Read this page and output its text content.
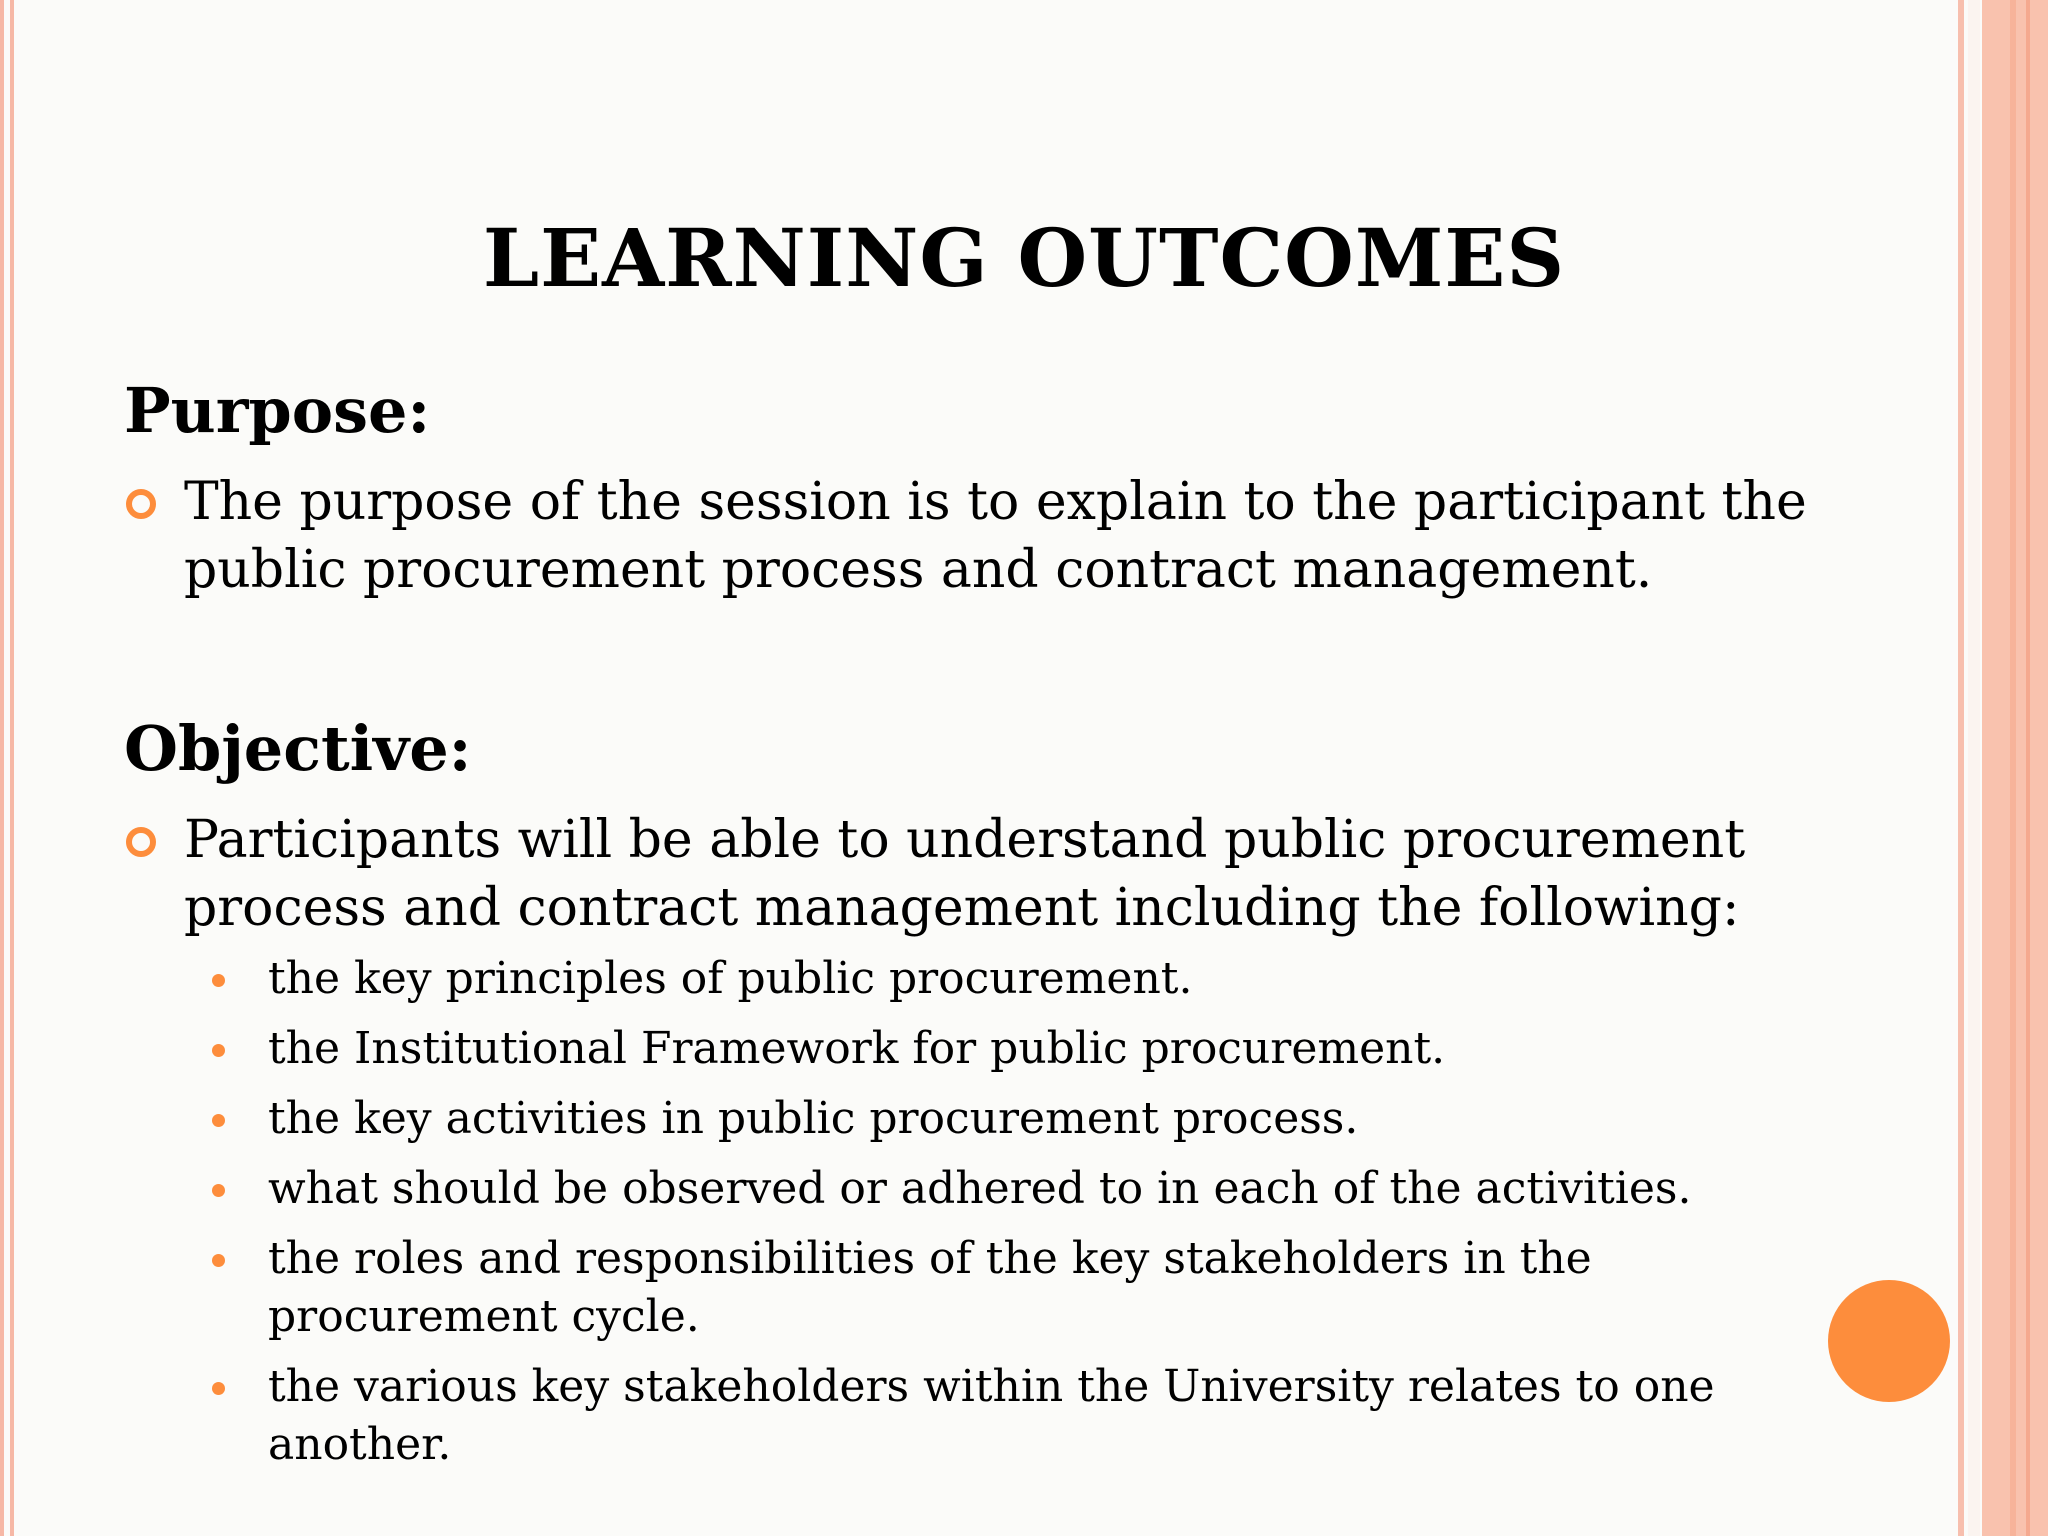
LEARNING OUTCOMES
Purpose:
The purpose of the session is to explain to the participant the public procurement process and contract management.
Objective:
Participants will be able to understand public procurement process and contract management including the following:
the key principles of public procurement.
the Institutional Framework for public procurement.
the key activities in public procurement process.
what should be observed or adhered to in each of the activities.
the roles and responsibilities of the key stakeholders in the procurement cycle.
the various key stakeholders within the University relates to one another.
